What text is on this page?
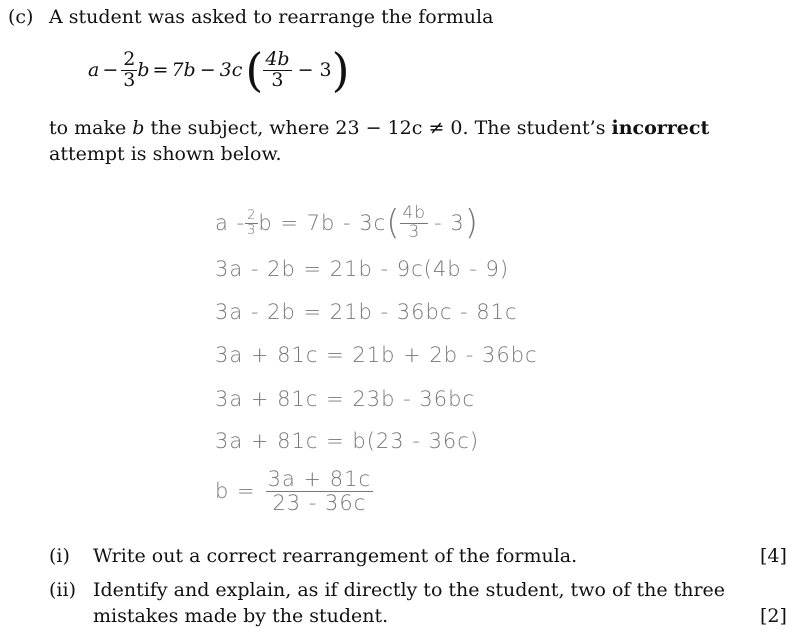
(c) A student was asked to rearrange the formula
$a - \frac{2}{3}$ b = 7b − 3c ( $\frac{4b}{3} - 3$ )
to make b the subject, where 23 − 12c ≠ 0. The student’s incorrect
attempt is shown below.
a - $\frac{2}{3}$ b = 7b - 3c ( $\frac{4b}{3} - 3$ )
3a - 2b = 21b - 9c(4b - 9)
3a - 2b = 21b - 36bc - 81c
3a + 81c = 21b + 2b - 36bc
3a + 81c = 23b - 36bc
3a + 81c = b(23 - 36c)
$b = \frac{3a + 81c}{23 - 36c}$
(i) Write out a correct rearrangement of the formula.	[4]
(ii) Identify and explain, as if directly to the student, two of the three
mistakes made by the student.	[2]
